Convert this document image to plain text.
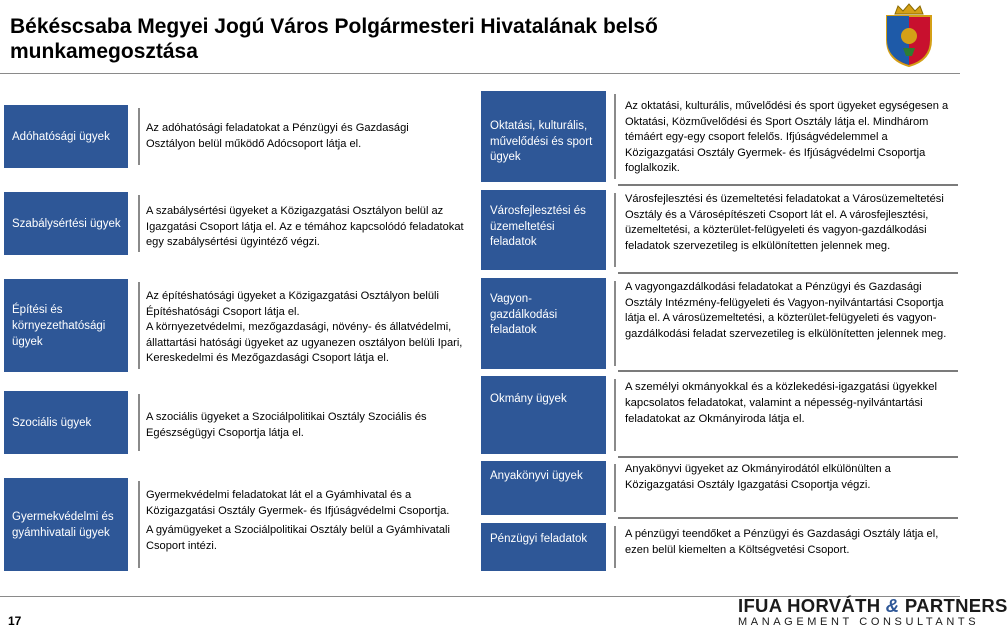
Békéscsaba Megyei Jogú Város Polgármesteri Hivatalának belső munkamegosztása
Adóhatósági ügyek
Szabálysértési ügyek
Építési és környezethatósági ügyek
Szociális ügyek
Gyermekvédelmi és gyámhivatali ügyek
Az adóhatósági feladatokat a Pénzügyi és Gazdasági Osztályon belül működő Adócsoport látja el.
A szabálysértési ügyeket a Közigazgatási Osztályon belül az Igazgatási Csoport látja el. Az e témához kapcsolódó feladatokat egy szabálysértési ügyintéző végzi.
Az építéshatósági ügyeket a Közigazgatási Osztályon belüli Építéshatósági Csoport látja el.
A környezetvédelmi, mezőgazdasági, növény- és állatvédelmi, állattartási hatósági ügyeket az ugyanezen osztályon belüli Ipari, Kereskedelmi és Mezőgazdasági Csoport látja el.
A szociális ügyeket a Szociálpolitikai Osztály Szociális és Egészségügyi Csoportja látja el.
Gyermekvédelmi feladatokat lát el a Gyámhivatal és a Közigazgatási Osztály Gyermek- és Ifjúságvédelmi Csoportja.
A gyámügyeket a Szociálpolitikai Osztály belül a Gyámhivatali Csoport intézi.
Oktatási, kulturális, művelődési és sport ügyek
Városfejlesztési és üzemeltetési feladatok
Vagyon-gazdálkodási feladatok
Okmány ügyek
Anyakönyvi ügyek
Pénzügyi feladatok
Az oktatási, kulturális, művelődési és sport ügyeket egységesen a Oktatási, Közművelődési és Sport Osztály látja el. Mindhárom témáért egy-egy csoport felelős. Ifjúságvédelemmel a Közigazgatási Osztály Gyermek- és Ifjúságvédelmi Csoportja foglalkozik.
Városfejlesztési és üzemeltetési feladatokat a Városüzemeltetési Osztály és a Városépítészeti Csoport lát el. A városfejlesztési, üzemeltetési, a közterület-felügyeleti és vagyon-gazdálkodási feladatok szervezetileg is elkülönítetten jelennek meg.
A vagyongazdálkodási feladatokat a Pénzügyi és Gazdasági Osztály Intézmény-felügyeleti és Vagyon-nyilvántartási Csoportja látja el. A városüzemeltetési, a közterület-felügyeleti és vagyon-gazdálkodási feladat szervezetileg is elkülönítetten jelennek meg.
A személyi okmányokkal és a közlekedési-igazgatási ügyekkel kapcsolatos feladatokat, valamint a népesség-nyilvántartási feladatokat az Okmányiroda látja el.
Anyakönyvi ügyeket az Okmányirodától elkülönülten a Közigazgatási Osztály Igazgatási Csoportja végzi.
A pénzügyi teendőket a Pénzügyi és Gazdasági Osztály látja el, ezen belül kiemelten a Költségvetési Csoport.
17
IFUA HORVÁTH & PARTNERS
MANAGEMENT CONSULTANTS
